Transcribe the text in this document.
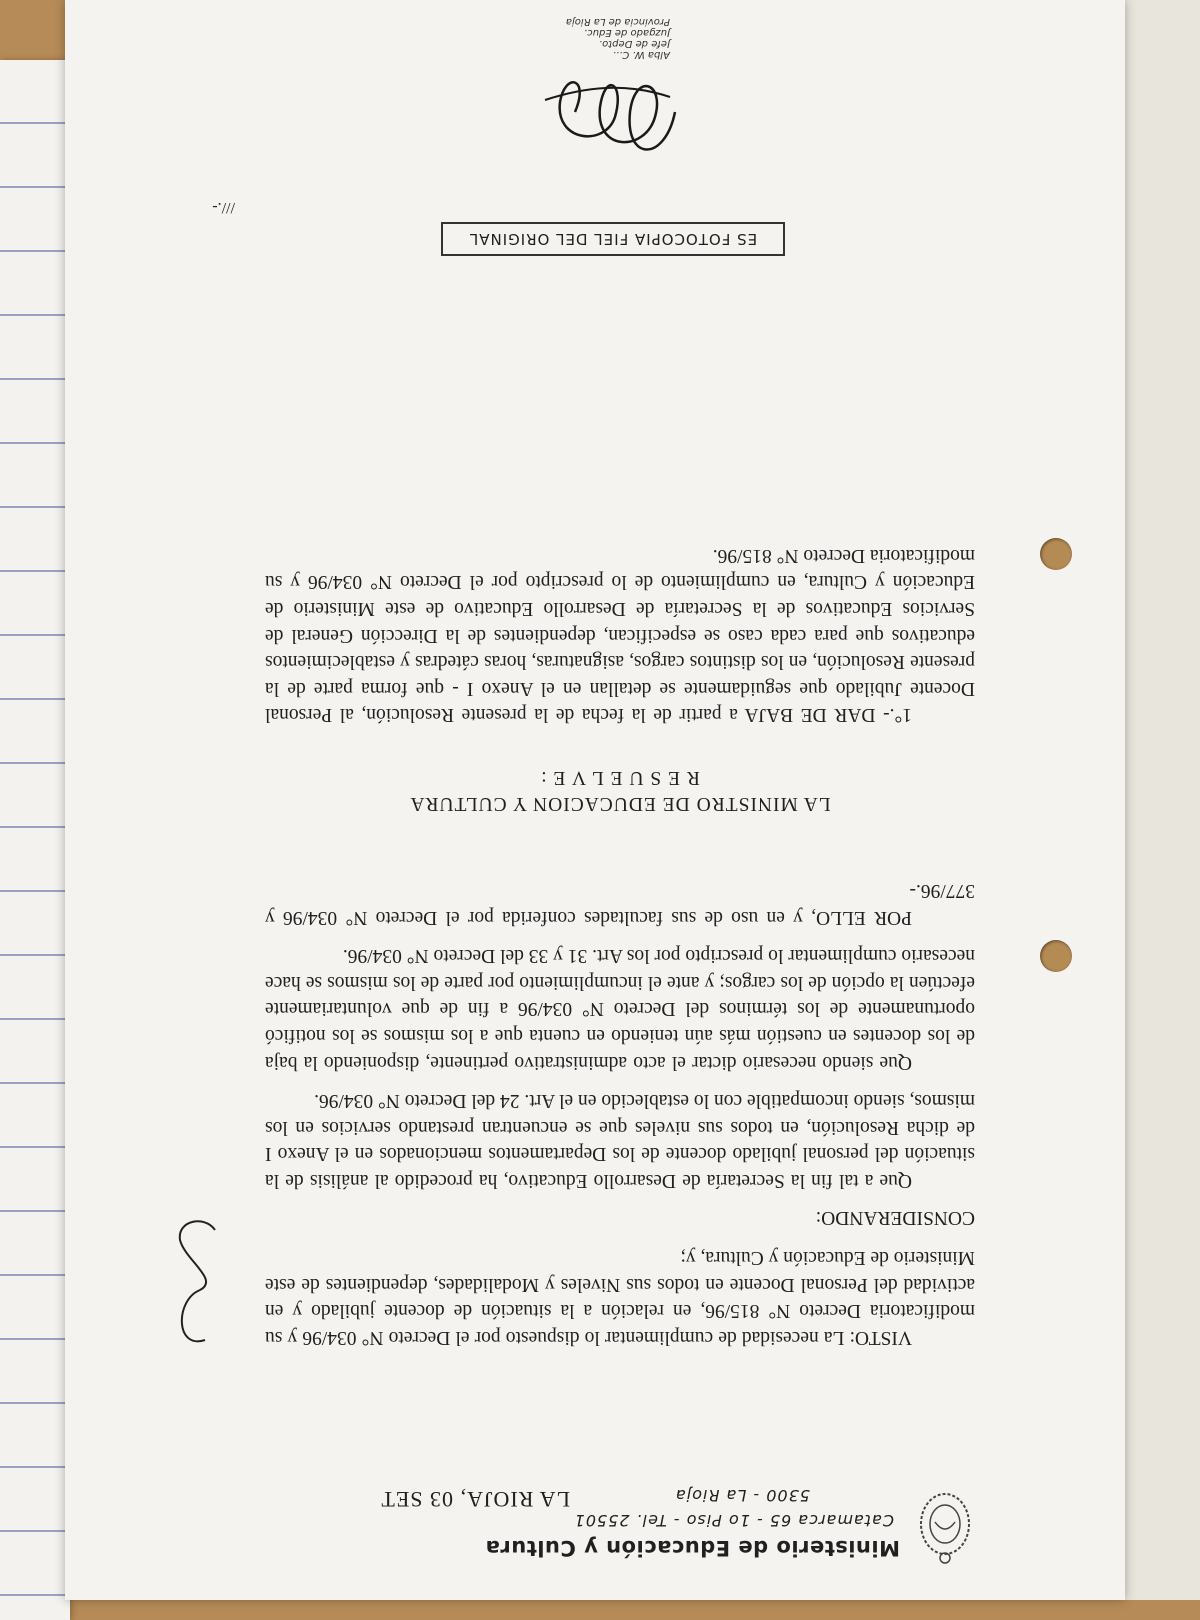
Ministerio de Educación y Cultura
Catamarca 65 - 1o Piso - Tel. 25501
5300 - La Rioja
LA RIOJA, 03 SET

VISTO: La necesidad de cumplimentar lo dispuesto por el Decreto N° 034/96 y su modificatoria Decreto N° 815/96, en relación a la situación de docente jubilado y en actividad del Personal Docente en todos sus Niveles y Modalidades, dependientes de este Ministerio de Educación y Cultura, y;

CONSIDERANDO:

Que a tal fin la Secretaría de Desarrollo Educativo, ha procedido al análisis de la situación del personal jubilado docente de los Departamentos mencionados en el Anexo I de dicha Resolución, en todos sus niveles que se encuentran prestando servicios en los mismos, siendo incompatible con lo establecido en el Art. 24 del Decreto N° 034/96.

Que siendo necesario dictar el acto administrativo pertinente, disponiendo la baja de los docentes en cuestión más aún teniendo en cuenta que a los mismos se los notificó oportunamente de los términos del Decreto N° 034/96 a fin de que voluntariamente efectúen la opción de los cargos; y ante el incumplimiento por parte de los mismos se hace necesario cumplimentar lo prescripto por los Art. 31 y 33 del Decreto N° 034/96.

POR ELLO, y en uso de sus facultades conferida por el Decreto N° 034/96 y 377/96.-

LA MINISTRO DE EDUCACION Y CULTURA

R E S U E L V E :

1°.- DAR DE BAJA a partir de la fecha de la presente Resolución, al Personal Docente Jubilado que seguidamente se detallan en el Anexo I - que forma parte de la presente Resolución, en los distintos cargos, asignaturas, horas cátedras y establecimientos educativos que para cada caso se especifican, dependientes de la Dirección General de Servicios Educativos de la Secretaría de Desarrollo Educativo de este Ministerio de Educación y Cultura, en cumplimiento de lo prescripto por el Decreto N° 034/96 y su modificatoria Decreto N° 815/96.

ES FOTOCOPIA FIEL DEL ORIGINAL
///.-
Alba W. C...
Jefe de Depto.
Juzgado de Educ.
Provincia de La Rioja
